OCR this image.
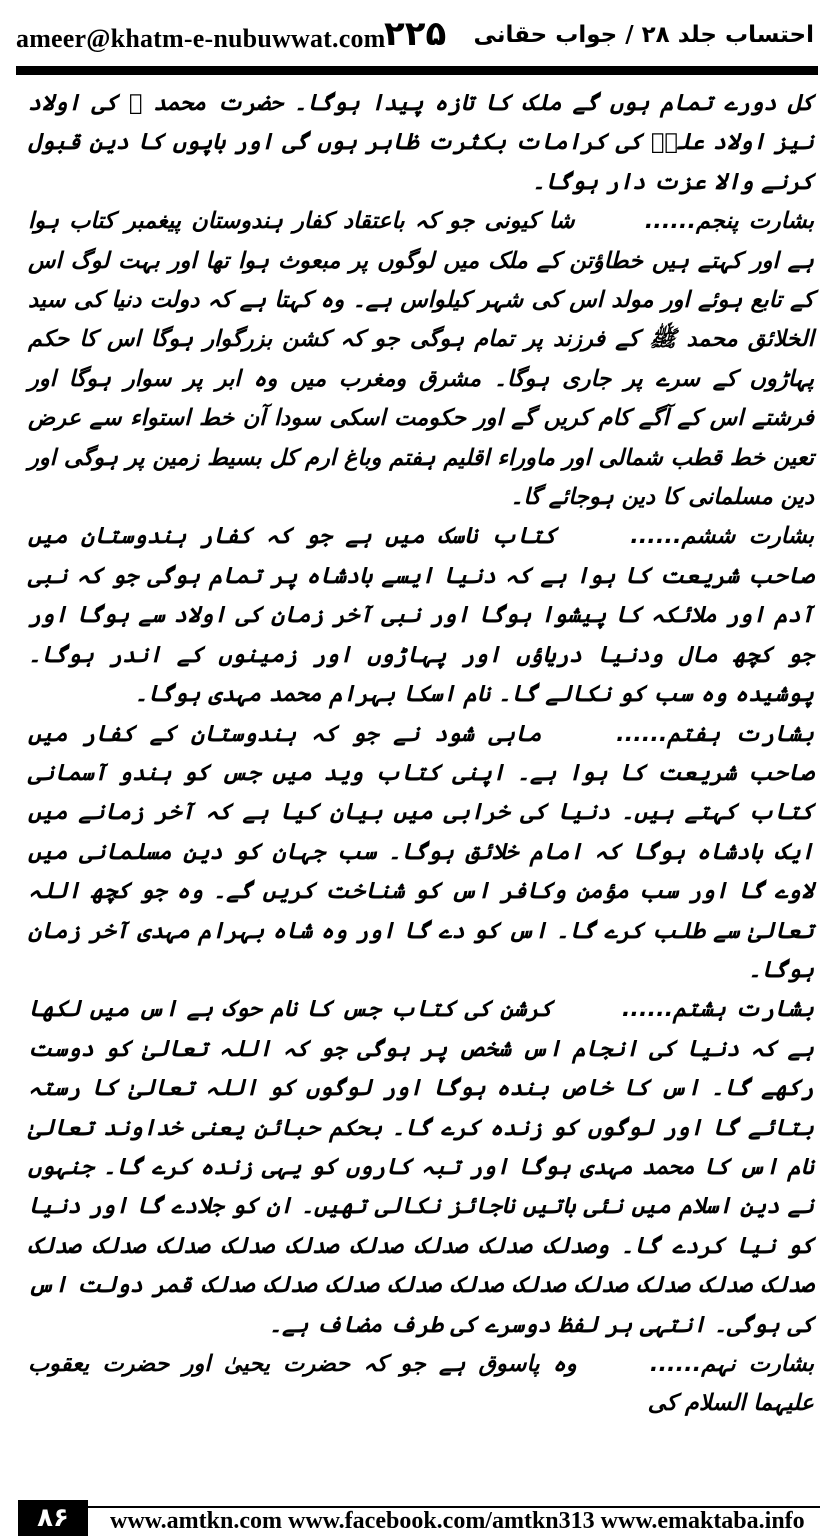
ameer@khatm-e-nubuwwat.com
۲۲۵ احتساب جلد ۲۸ / جواب حقانی

کل دورے تمام ہوں گے ملک کا تازہ پیدا ہوگا۔ حضرت محمد ﷺ کی اولاد نیز اولاد علیؓ کی کرامات بکثرت ظاہر ہوں گی اور باپوں کا دین قبول کرنے والا عزت دار ہوگا۔

بشارت پنجم...... شا کیونی جو کہ باعتقاد کفار ہندوستان پیغمبر کتاب ہوا ہے اور کہتے ہیں خطاؤتن کے ملک میں لوگوں پر مبعوث ہوا تھا اور بہت لوگ اس کے تابع ہوئے اور مولد اس کی شہر کیلواس ہے۔ وہ کہتا ہے کہ دولت دنیا کی سید الخلائق محمد ﷺ کے فرزند پر تمام ہوگی جو کہ کشن بزرگوار ہوگا اس کا حکم پہاڑوں کے سرے پر جاری ہوگا۔ مشرق ومغرب میں وہ ابر پر سوار ہوگا اور فرشتے اس کے آگے کام کریں گے اور حکومت اسکی سودا آن خط استواء سے عرض تعین خط قطب شمالی اور ماوراء اقلیم ہفتم وباغ ارم کل بسیط زمین پر ہوگی اور دین مسلمانی کا دین ہوجائے گا۔

بشارت ششم...... کتاب ناسک میں ہے جو کہ کفار ہندوستان میں صاحب شریعت کا ہوا ہے کہ دنیا ایسے بادشاہ پر تمام ہوگی جو کہ نبی آدم اور ملائکہ کا پیشوا ہوگا اور نبی آخر زمان کی اولاد سے ہوگا اور جو کچھ مال ودنیا دریاؤں اور پہاڑوں اور زمینوں کے اندر ہوگا۔ پوشیدہ وہ سب کو نکالے گا۔ نام اسکا بہرام محمد مہدی ہوگا۔

بشارت ہفتم...... ماہی شود نے جو کہ ہندوستان کے کفار میں صاحب شریعت کا ہوا ہے۔ اپنی کتاب وید میں جس کو ہندو آسمانی کتاب کہتے ہیں۔ دنیا کی خرابی میں بیان کیا ہے کہ آخر زمانے میں ایک بادشاہ ہوگا کہ امام خلائق ہوگا۔ سب جہان کو دین مسلمانی میں لاوے گا اور سب مؤمن وکافر اس کو شناخت کریں گے۔ وہ جو کچھ اللہ تعالیٰ سے طلب کرے گا۔ اس کو دے گا اور وہ شاہ بہرام مہدی آخر زمان ہوگا۔

بشارت ہشتم...... کرشن کی کتاب جس کا نام حوک ہے اس میں لکھا ہے کہ دنیا کی انجام اس شخص پر ہوگی جو کہ اللہ تعالیٰ کو دوست رکھے گا۔ اس کا خاص بندہ ہوگا اور لوگوں کو اللہ تعالیٰ کا رستہ بتائے گا اور لوگوں کو زندہ کرے گا۔ بحکم حبائن یعنی خداوند تعالیٰ نام اس کا محمد مہدی ہوگا اور تبہ کاروں کو یہی زندہ کرے گا۔ جنہوں نے دین اسلام میں نئی باتیں ناجائز نکالی تھیں۔ ان کو جلادے گا اور دنیا کو نیا کردے گا۔ وصدلک صدلک صدلک صدلک صدلک صدلک صدلک صدلک صدلک صدلک صدلک صدلک صدلک صدلک صدلک صدلک صدلک صدلک صدلک قمر دولت اس کی ہوگی۔ انتہی ہر لفظ دوسرے کی طرف مضاف ہے۔

بشارت نہم...... وہ پاسوق ہے جو کہ حضرت یحییٰ اور حضرت یعقوب علیہما السلام کی

۸۶	www.amtkn.com www.facebook.com/amtkn313 www.emaktaba.info
